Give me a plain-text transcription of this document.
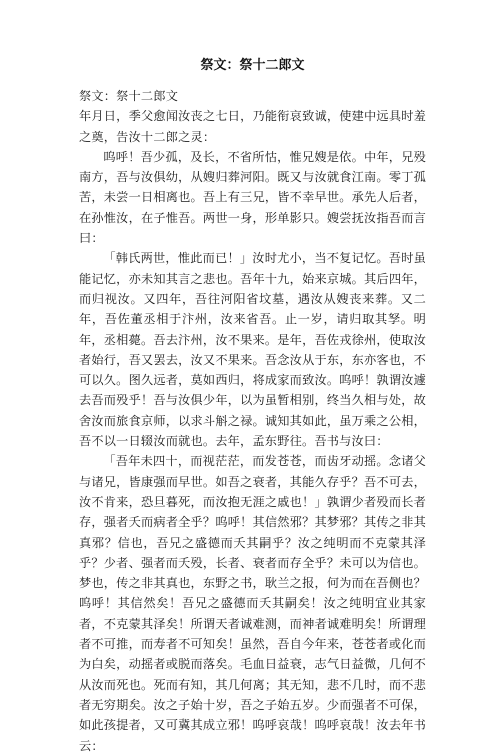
祭文：祭十二郎文

祭文：祭十二郎文

年月日，季父愈闻汝丧之七日，乃能衔哀致诚，使建中远具时羞之奠，告汝十二郎之灵：

呜呼！吾少孤，及长，不省所怙，惟兄嫂是依。中年，兄殁南方，吾与汝俱幼，从嫂归葬河阳。既又与汝就食江南。零丁孤苦，未尝一日相离也。吾上有三兄，皆不幸早世。承先人后者，在孙惟汝，在子惟吾。两世一身，形单影只。嫂尝抚汝指吾而言曰：

「韩氏两世，惟此而已！」汝时尤小，当不复记忆。吾时虽能记忆，亦未知其言之悲也。吾年十九，始来京城。其后四年，而归视汝。又四年，吾往河阳省坟墓，遇汝从嫂丧来葬。又二年，吾佐董丞相于汴州，汝来省吾。止一岁，请归取其孥。明年，丞相薨。吾去汴州，汝不果来。是年，吾佐戎徐州，使取汝者始行，吾又罢去，汝又不果来。吾念汝从于东，东亦客也，不可以久。图久远者，莫如西归，将成家而致汝。呜呼！孰谓汝遽去吾而殁乎！吾与汝俱少年，以为虽暂相别，终当久相与处，故舍汝而旅食京师，以求斗斛之禄。诚知其如此，虽万乘之公相，吾不以一日辍汝而就也。去年，孟东野往。吾书与汝曰：

「吾年未四十，而视茫茫，而发苍苍，而齿牙动摇。念诸父与诸兄，皆康强而早世。如吾之衰者，其能久存乎？吾不可去，汝不肯来，恐旦暮死，而汝抱无涯之戚也！」孰谓少者殁而长者存，强者夭而病者全乎？呜呼！其信然邪？其梦邪？其传之非其真邪？信也，吾兄之盛德而夭其嗣乎？汝之纯明而不克蒙其泽乎？少者、强者而夭殁，长者、衰者而存全乎？未可以为信也。梦也，传之非其真也，东野之书，耿兰之报，何为而在吾侧也？呜呼！其信然矣！吾兄之盛德而夭其嗣矣！汝之纯明宜业其家者，不克蒙其泽矣！所谓天者诚难测，而神者诚难明矣！所谓理者不可推，而寿者不可知矣！虽然，吾自今年来，苍苍者或化而为白矣，动摇者或脱而落矣。毛血日益衰，志气日益微，几何不从汝而死也。死而有知，其几何离；其无知，悲不几时，而不悲者无穷期矣。汝之子始十岁，吾之子始五岁。少而强者不可保，如此孩提者，又可冀其成立邪！呜呼哀哉！呜呼哀哉！汝去年书云：
